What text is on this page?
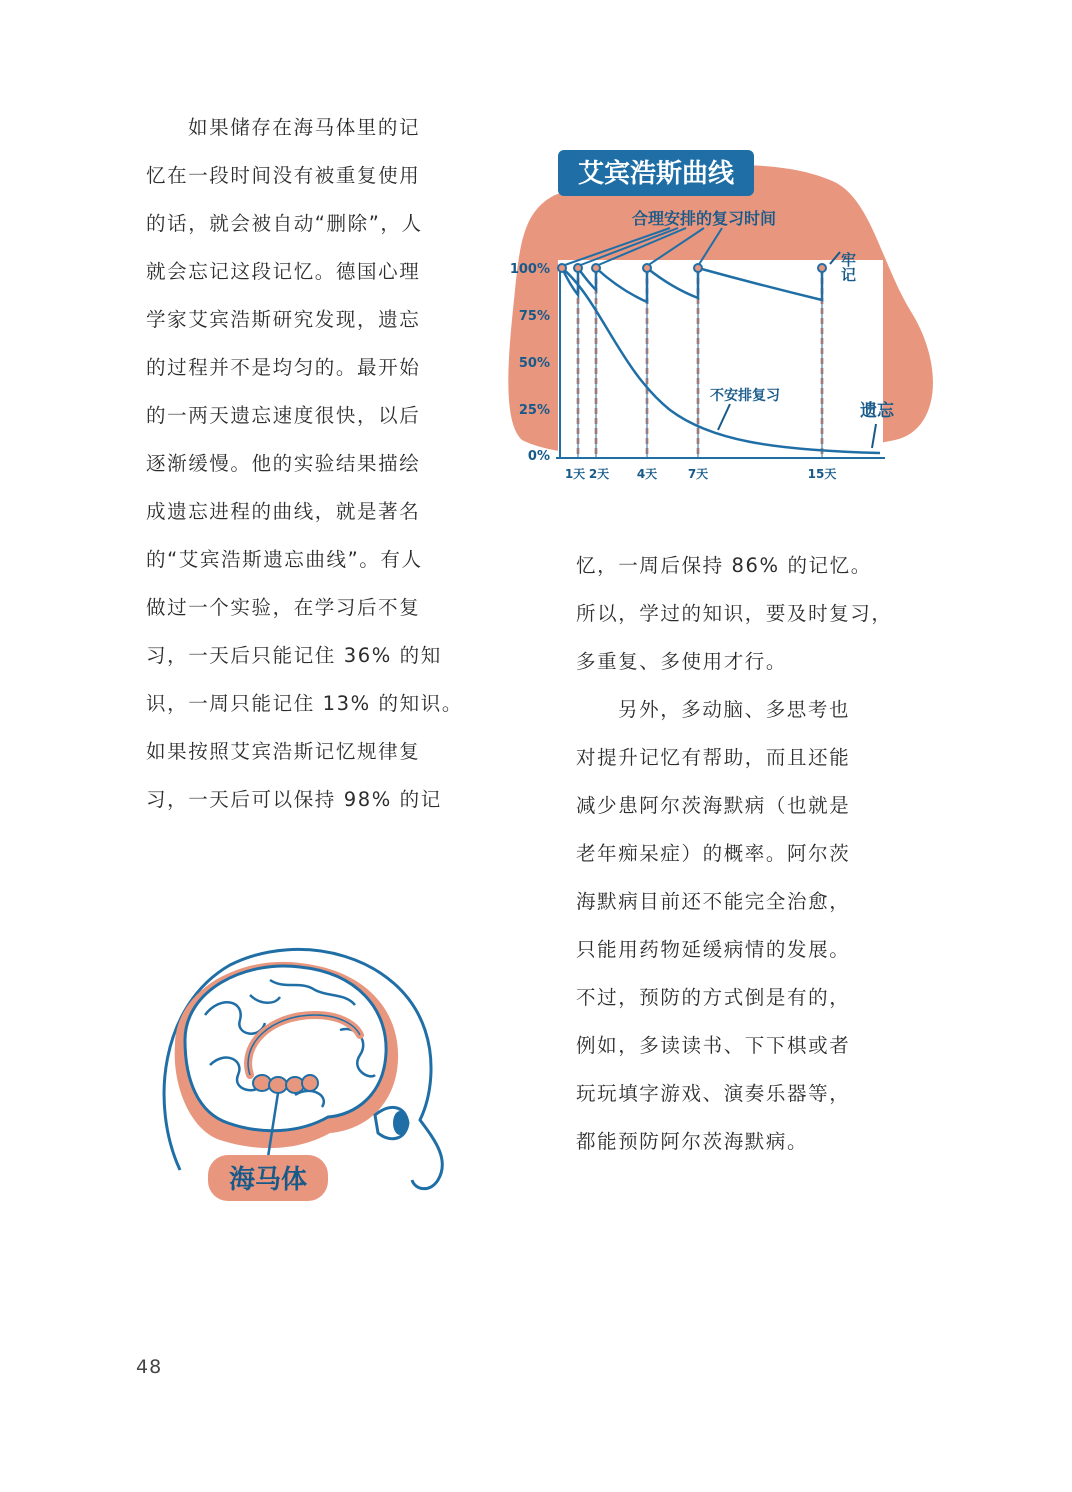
如果储存在海马体里的记
忆在一段时间没有被重复使用
的话，就会被自动“删除”，人
就会忘记这段记忆。德国心理
学家艾宾浩斯研究发现，遗忘
的过程并不是均匀的。最开始
的一两天遗忘速度很快，以后
逐渐缓慢。他的实验结果描绘
成遗忘进程的曲线，就是著名
的“艾宾浩斯遗忘曲线”。有人
做过一个实验，在学习后不复
习，一天后只能记住 36% 的知
识，一周只能记住 13% 的知识。
如果按照艾宾浩斯记忆规律复
习，一天后可以保持 98% 的记
忆，一周后保持 86% 的记忆。
所以，学过的知识，要及时复习，
多重复、多使用才行。
另外，多动脑、多思考也
对提升记忆有帮助，而且还能
减少患阿尔茨海默病（也就是
老年痴呆症）的概率。阿尔茨
海默病目前还不能完全治愈，
只能用药物延缓病情的发展。
不过，预防的方式倒是有的，
例如，多读读书、下下棋或者
玩玩填字游戏、演奏乐器等，
都能预防阿尔茨海默病。
艾宾浩斯曲线
合理安排的复习时间
牢记
100%
75%
50%
25%
0%
不安排复习
遗忘
1天 2天 4天	7天	15天
海马体
48
